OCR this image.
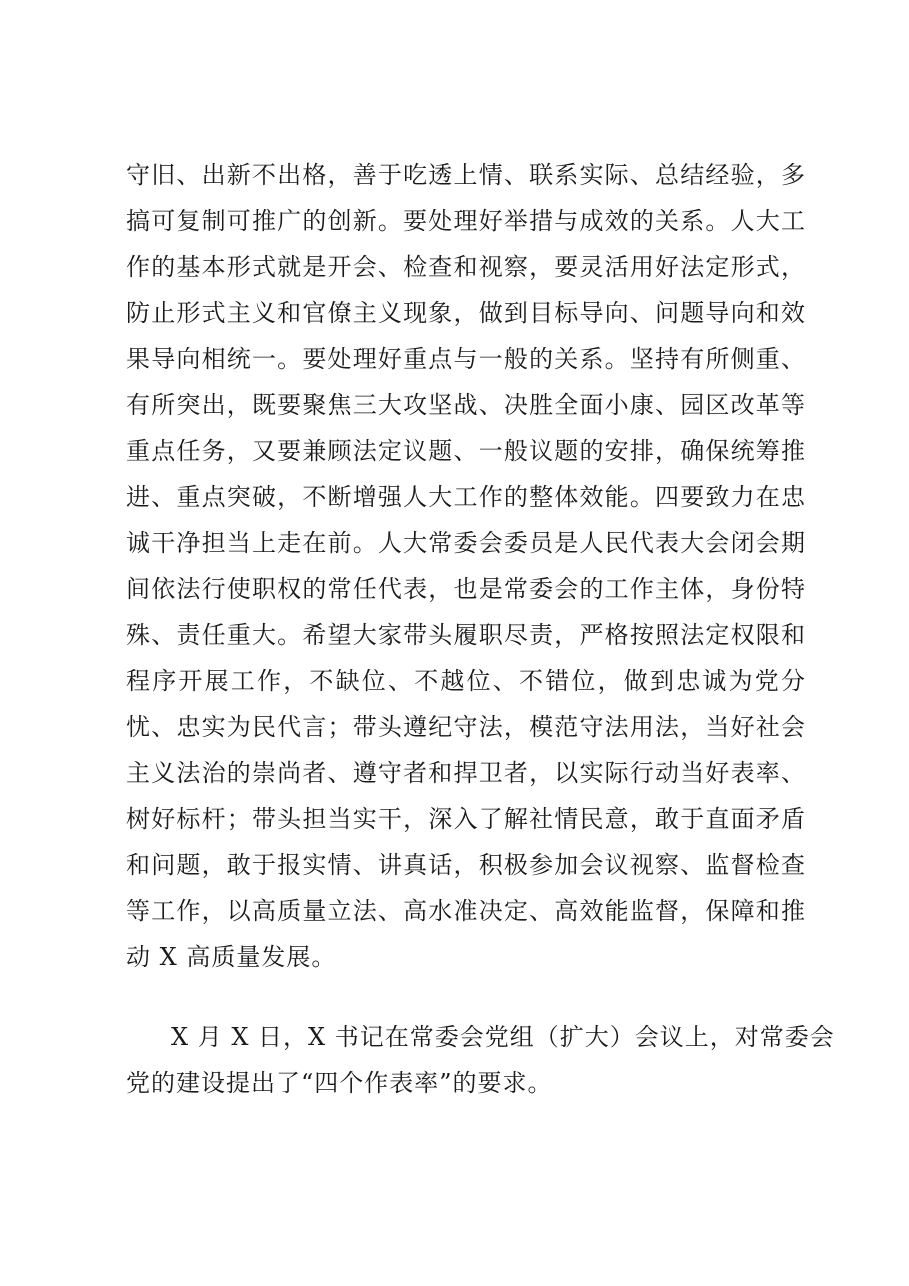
守旧、出新不出格，善于吃透上情、联系实际、总结经验，多
搞可复制可推广的创新。要处理好举措与成效的关系。人大工
作的基本形式就是开会、检查和视察，要灵活用好法定形式，
防止形式主义和官僚主义现象，做到目标导向、问题导向和效
果导向相统一。要处理好重点与一般的关系。坚持有所侧重、
有所突出，既要聚焦三大攻坚战、决胜全面小康、园区改革等
重点任务，又要兼顾法定议题、一般议题的安排，确保统筹推
进、重点突破，不断增强人大工作的整体效能。四要致力在忠
诚干净担当上走在前。人大常委会委员是人民代表大会闭会期
间依法行使职权的常任代表，也是常委会的工作主体，身份特
殊、责任重大。希望大家带头履职尽责，严格按照法定权限和
程序开展工作，不缺位、不越位、不错位，做到忠诚为党分
忧、忠实为民代言；带头遵纪守法，模范守法用法，当好社会
主义法治的崇尚者、遵守者和捍卫者，以实际行动当好表率、
树好标杆；带头担当实干，深入了解社情民意，敢于直面矛盾
和问题，敢于报实情、讲真话，积极参加会议视察、监督检查
等工作，以高质量立法、高水准决定、高效能监督，保障和推
动 X 高质量发展。
X 月 X 日，X 书记在常委会党组（扩大）会议上，对常委会
党的建设提出了“四个作表率”的要求。
